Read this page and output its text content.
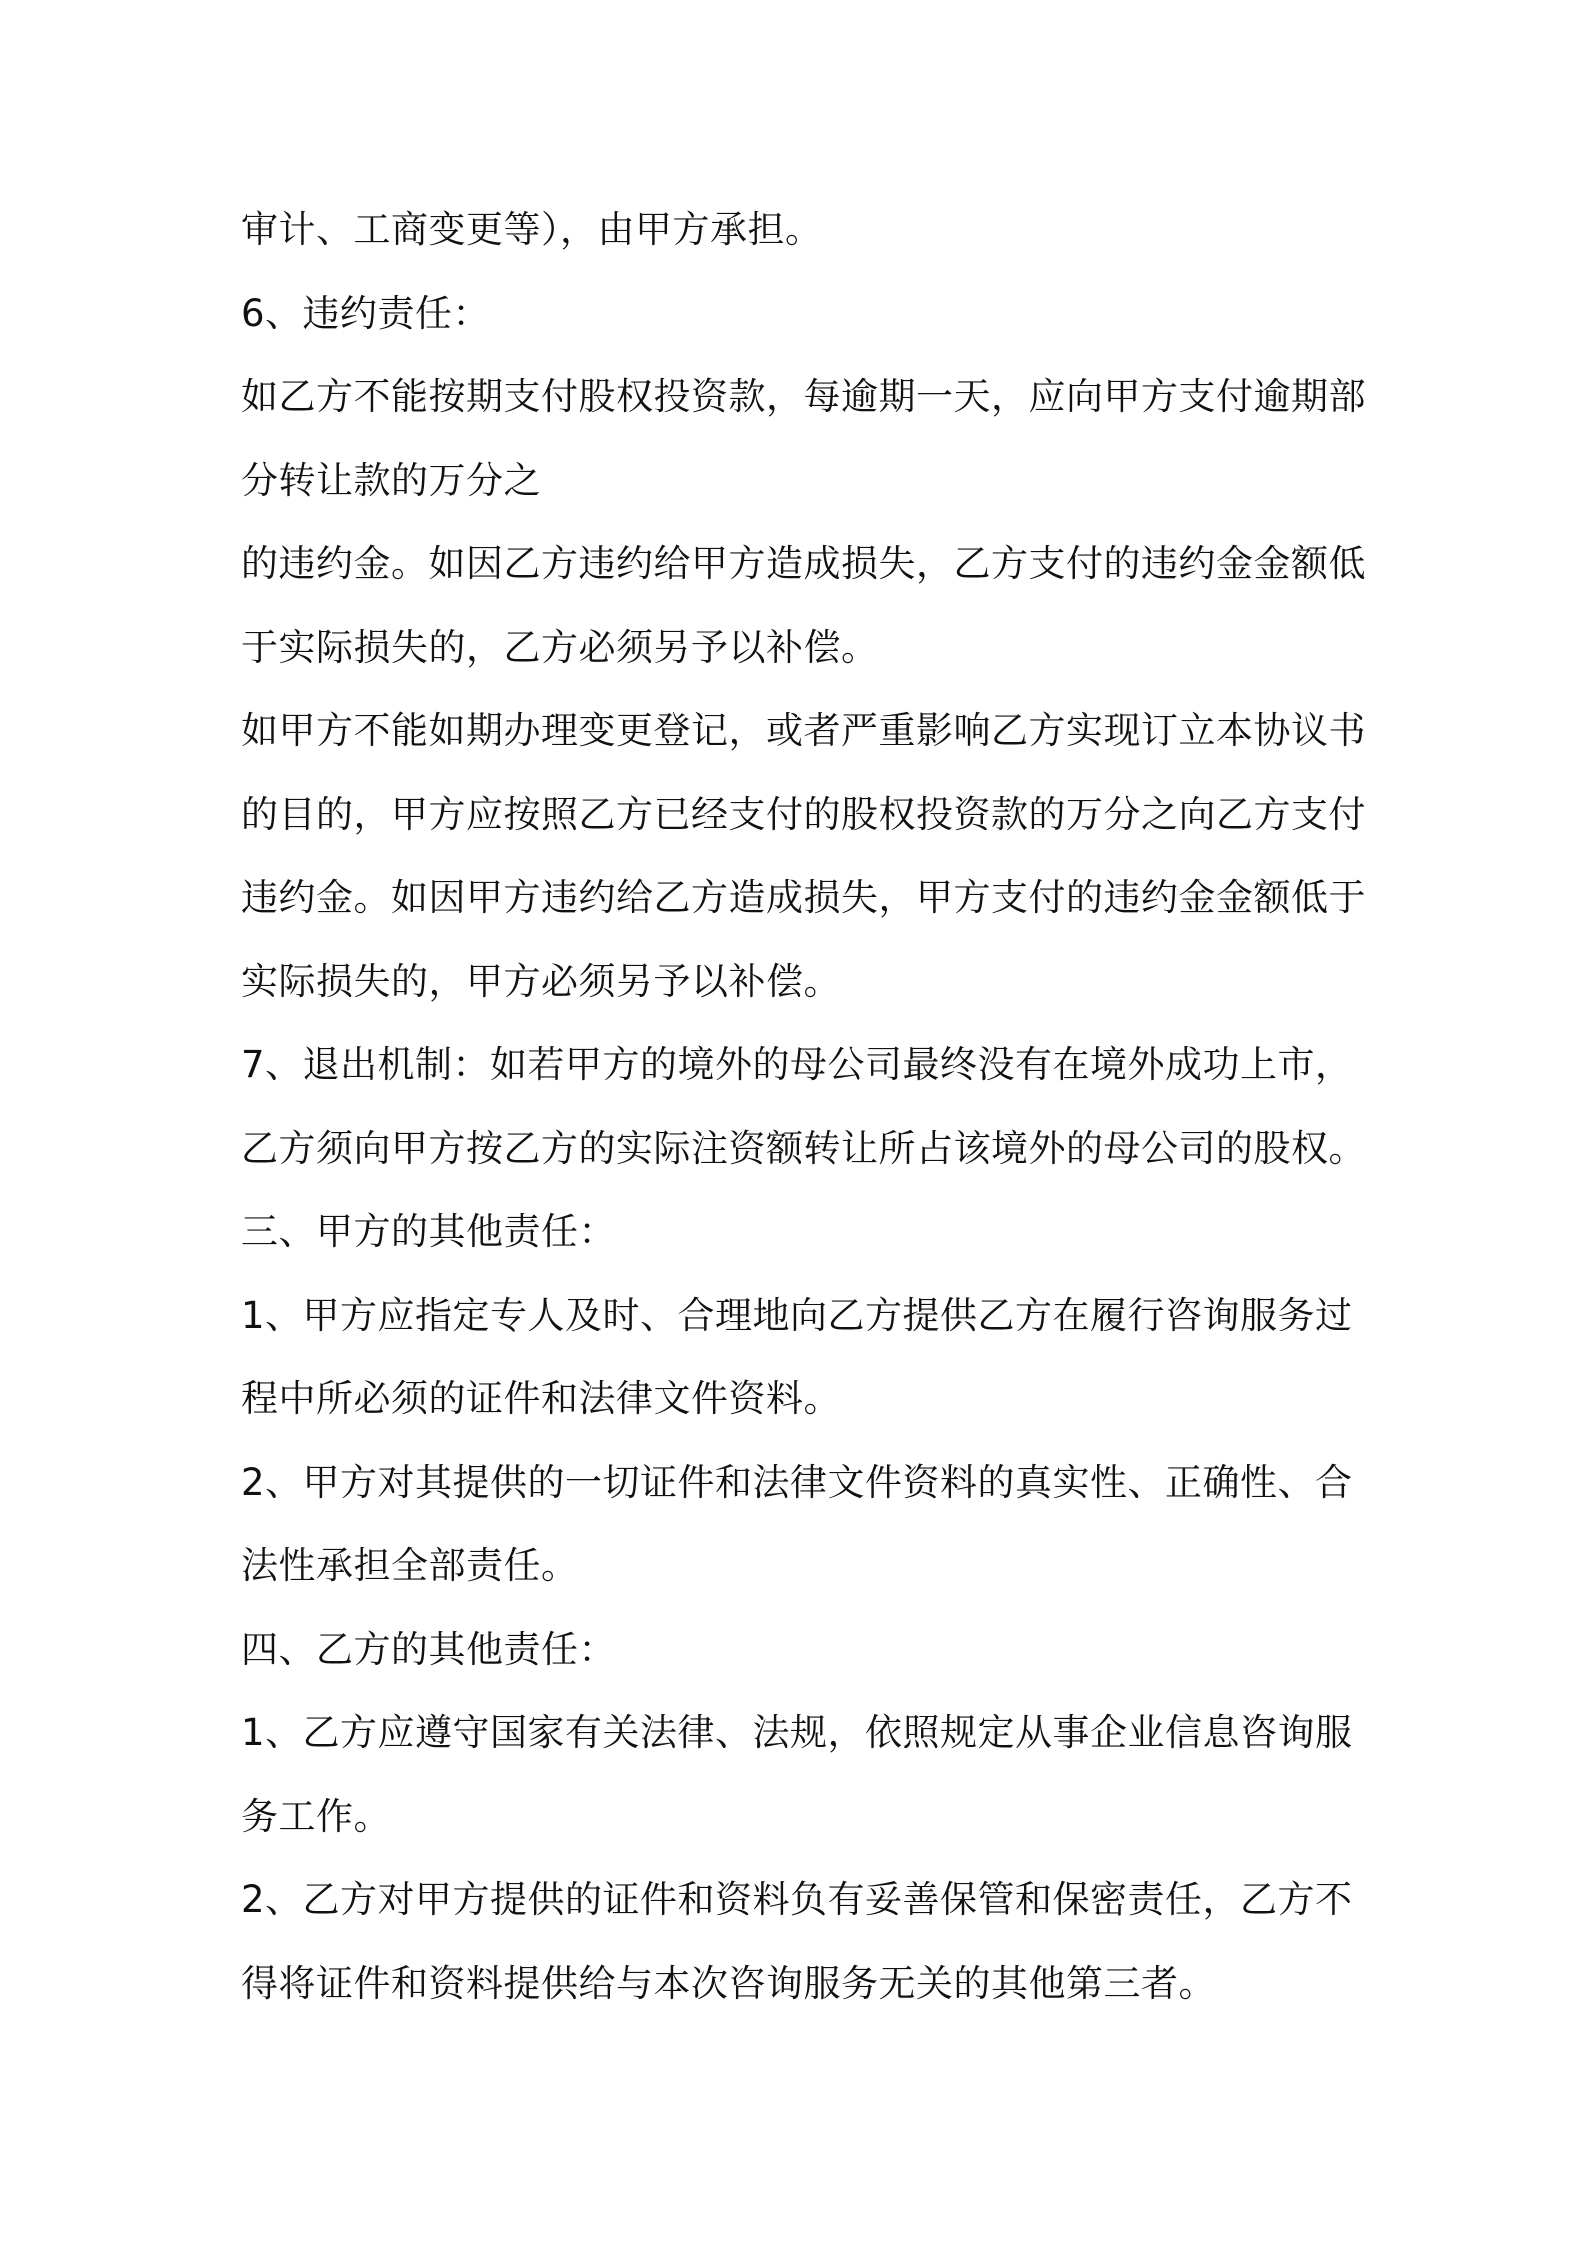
审计、工商变更等），由甲方承担。
6、违约责任：
如乙方不能按期支付股权投资款，每逾期一天，应向甲方支付逾期部
分转让款的万分之
的违约金。如因乙方违约给甲方造成损失，乙方支付的违约金金额低
于实际损失的，乙方必须另予以补偿。
如甲方不能如期办理变更登记，或者严重影响乙方实现订立本协议书
的目的，甲方应按照乙方已经支付的股权投资款的万分之向乙方支付
违约金。如因甲方违约给乙方造成损失，甲方支付的违约金金额低于
实际损失的，甲方必须另予以补偿。
7、退出机制：如若甲方的境外的母公司最终没有在境外成功上市，
乙方须向甲方按乙方的实际注资额转让所占该境外的母公司的股权。
三、甲方的其他责任：
1、甲方应指定专人及时、合理地向乙方提供乙方在履行咨询服务过
程中所必须的证件和法律文件资料。
2、甲方对其提供的一切证件和法律文件资料的真实性、正确性、合
法性承担全部责任。
四、乙方的其他责任：
1、乙方应遵守国家有关法律、法规，依照规定从事企业信息咨询服
务工作。
2、乙方对甲方提供的证件和资料负有妥善保管和保密责任，乙方不
得将证件和资料提供给与本次咨询服务无关的其他第三者。
